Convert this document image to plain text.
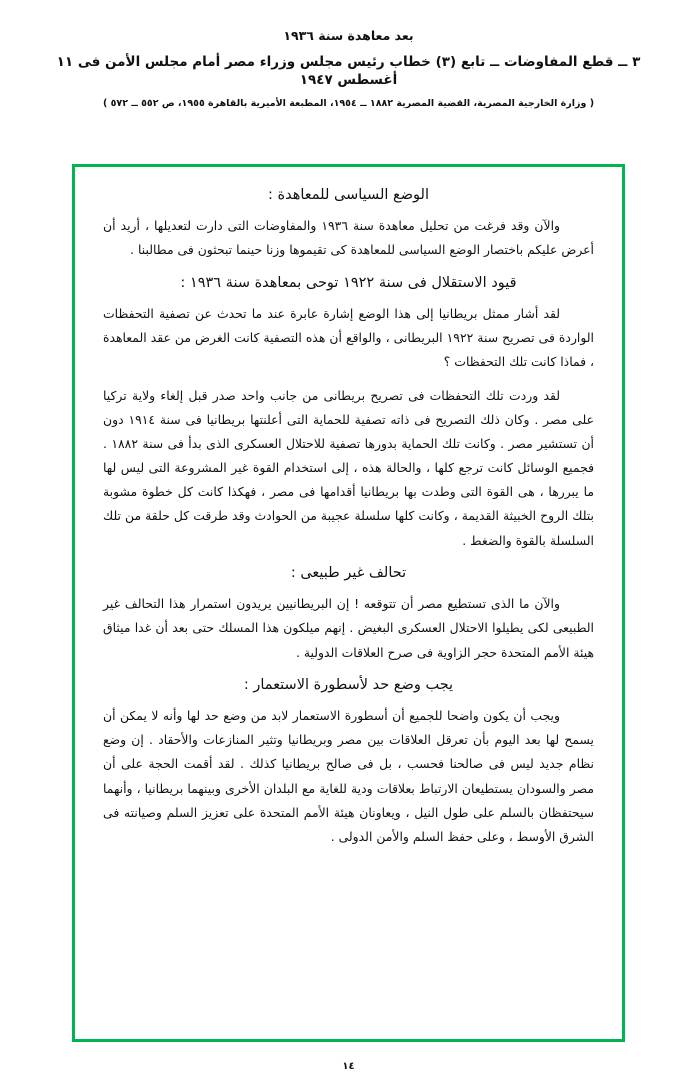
بعد معاهدة سنة ١٩٣٦
٣ ــ قطع المفاوضات ــ تابع (٣) خطاب رئيس مجلس وزراء مصر أمام مجلس الأمن فى ١١ أغسطس ١٩٤٧
( وزارة الخارجية المصرية، القضية المصرية ١٨٨٢ ــ ١٩٥٤، المطبعة الأميرية بالقاهرة ١٩٥٥، ص ٥٥٢ ــ ٥٧٢ )
الوضع السياسى للمعاهدة :
والآن وقد فرغت من تحليل معاهدة سنة ١٩٣٦ والمفاوضات التى دارت لتعديلها ، أريد أن أعرض عليكم باختصار الوضع السياسى للمعاهدة كى تقيموها وزنا حينما تبحثون فى مطالبنا .
قيود الاستقلال فى سنة ١٩٢٢ توحى بمعاهدة سنة ١٩٣٦ :
لقد أشار ممثل بريطانيا إلى هذا الوضع إشارة عابرة عند ما تحدث عن تصفية التحفظات الواردة فى تصريح سنة ١٩٢٢ البريطانى ، والواقع أن هذه التصفية كانت الغرض من عقد المعاهدة ، فماذا كانت تلك التحفظات ؟
لقد وردت تلك التحفظات فى تصريح بريطانى من جانب واحد صدر قبل إلغاء ولاية تركيا على مصر . وكان ذلك التصريح فى ذاته تصفية للحماية التى أعلنتها بريطانيا فى سنة ١٩١٤ دون أن تستشير مصر . وكانت تلك الحماية بدورها تصفية للاحتلال العسكرى الذى بدأ فى سنة ١٨٨٢ . فجميع الوسائل كانت ترجع كلها ، والحالة هذه ، إلى استخدام القوة غير المشروعة التى ليس لها ما يبررها ، هى القوة التى وطدت بها بريطانيا أقدامها فى مصر ، فهكذا كانت كل خطوة مشوبة بتلك الروح الخبيثة القديمة ، وكانت كلها سلسلة عجيبة من الحوادث وقد طرقت كل حلقة من تلك السلسلة بالقوة والضغط .
تحالف غير طبيعى :
والآن ما الذى تستطيع مصر أن تتوقعه ! إن البريطانيين يريدون استمرار هذا التحالف غير الطبيعى لكى يطيلوا الاحتلال العسكرى البغيض . إنهم ميلكون هذا المسلك حتى بعد أن غدا ميثاق هيئة الأمم المتحدة حجر الزاوية فى صرح العلاقات الدولية .
يجب وضع حد لأسطورة الاستعمار :
ويجب أن يكون واضحا للجميع أن أسطورة الاستعمار لابد من وضع حد لها وأنه لا يمكن أن يسمح لها بعد اليوم بأن تعرقل العلاقات بين مصر وبريطانيا وتثير المنازعات والأحقاد . إن وضع نظام جديد ليس فى صالحنا فحسب ، بل فى صالح بريطانيا كذلك . لقد أقمت الحجة على أن مصر والسودان يستطيعان الارتباط بعلاقات ودية للغاية مع البلدان الأخرى وبينهما بريطانيا ، وأنهما سيحتفظان بالسلم على طول النيل ، ويعاونان هيئة الأمم المتحدة على تعزيز السلم وصيانته فى الشرق الأوسط ، وعلى حفظ السلم والأمن الدولى .
١٤
